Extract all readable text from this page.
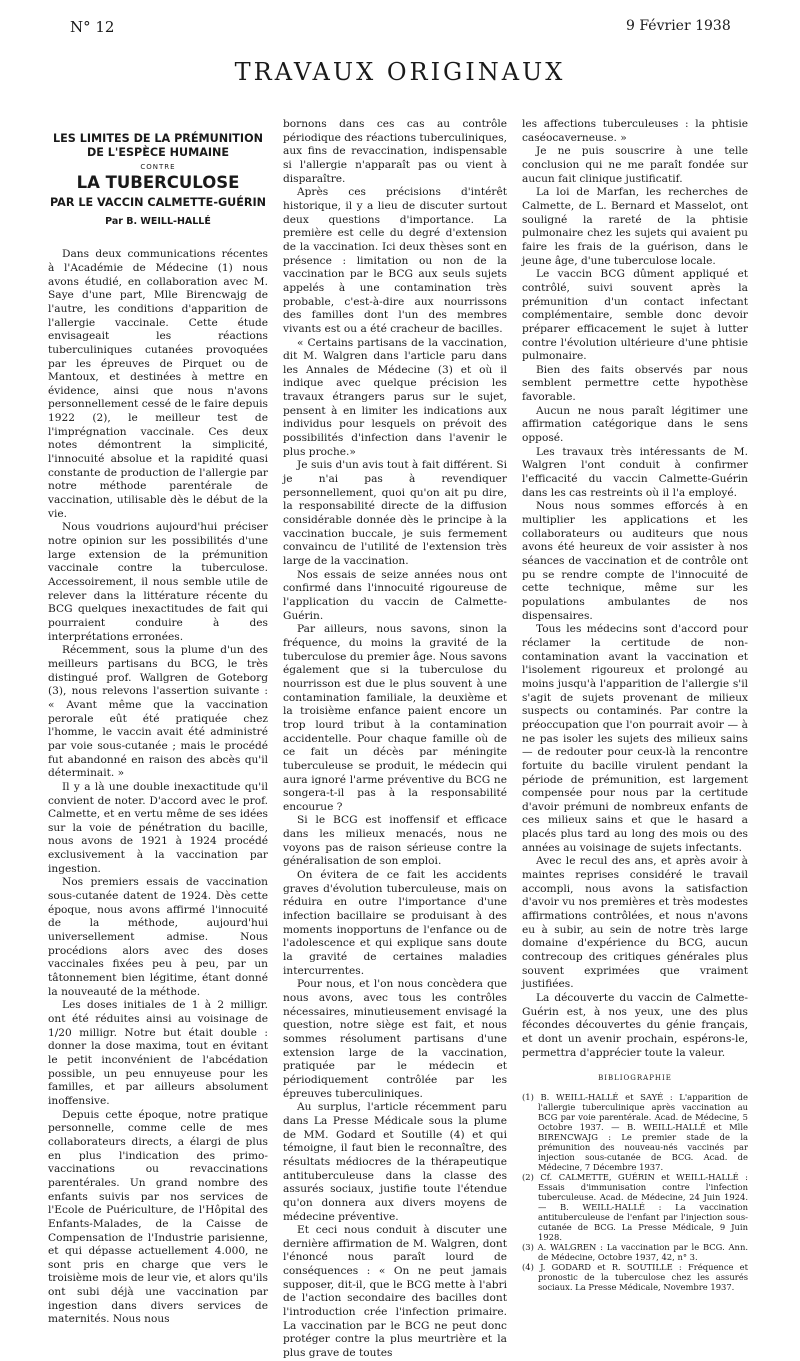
N° 12	9 Février 1938
TRAVAUX ORIGINAUX
LES LIMITES DE LA PRÉMUNITION
DE L'ESPÈCE HUMAINE
CONTRE
LA TUBERCULOSE
PAR LE VACCIN CALMETTE-GUÉRIN
Par B. WEILL-HALLÉ

Dans deux communications récentes à l'Académie de Médecine (1) nous avons étudié, en collaboration avec M. Saye d'une part, Mlle Birencwajg de l'autre, les conditions d'apparition de l'allergie vaccinale. Cette étude envisageait les réactions tuberculiniques cutanées provoquées par les épreuves de Pirquet ou de Mantoux, et destinées à mettre en évidence, ainsi que nous n'avons personnellement cessé de le faire depuis 1922 (2), le meilleur test de l'imprégnation vaccinale. Ces deux notes démontrent la simplicité, l'innocuité absolue et la rapidité quasi constante de production de l'allergie par notre méthode parentérale de vaccination, utilisable dès le début de la vie.

Nous voudrions aujourd'hui préciser notre opinion sur les possibilités d'une large extension de la prémunition vaccinale contre la tuberculose. Accessoirement, il nous semble utile de relever dans la littérature récente du BCG quelques inexactitudes de fait qui pourraient conduire à des interprétations erronées.

Récemment, sous la plume d'un des meilleurs partisans du BCG, le très distingué prof. Wallgren de Goteborg (3), nous relevons l'assertion suivante : « Avant même que la vaccination perorale eût été pratiquée chez l'homme, le vaccin avait été administré par voie sous-cutanée ; mais le procédé fut abandonné en raison des abcès qu'il déterminait. »

Il y a là une double inexactitude qu'il convient de noter. D'accord avec le prof. Calmette, et en vertu même de ses idées sur la voie de pénétration du bacille, nous avons de 1921 à 1924 procédé exclusivement à la vaccination par ingestion.

Nos premiers essais de vaccination sous-cutanée datent de 1924. Dès cette époque, nous avons affirmé l'innocuité de la méthode, aujourd'hui universellement admise. Nous procédions alors avec des doses vaccinales fixées peu à peu, par un tâtonnement bien légitime, étant donné la nouveauté de la méthode.

Les doses initiales de 1 à 2 milligr. ont été réduites ainsi au voisinage de 1/20 milligr. Notre but était double : donner la dose maxima, tout en évitant le petit inconvénient de l'abcédation possible, un peu ennuyeuse pour les familles, et par ailleurs absolument inoffensive.

Depuis cette époque, notre pratique personnelle, comme celle de mes collaborateurs directs, a élargi de plus en plus l'indication des primo-vaccinations ou revaccinations parentérales. Un grand nombre des enfants suivis par nos services de l'Ecole de Puériculture, de l'Hôpital des Enfants-Malades, de la Caisse de Compensation de l'Industrie parisienne, et qui dépasse actuellement 4.000, ne sont pris en charge que vers le troisième mois de leur vie, et alors qu'ils ont subi déjà une vaccination par ingestion dans divers services de maternités. Nous nous

bornons dans ces cas au contrôle périodique des réactions tuberculiniques, aux fins de revaccination, indispensable si l'allergie n'apparaît pas ou vient à disparaître.

Après ces précisions d'intérêt historique, il y a lieu de discuter surtout deux questions d'importance. La première est celle du degré d'extension de la vaccination. Ici deux thèses sont en présence : limitation ou non de la vaccination par le BCG aux seuls sujets appelés à une contamination très probable, c'est-à-dire aux nourrissons des familles dont l'un des membres vivants est ou a été cracheur de bacilles.

« Certains partisans de la vaccination, dit M. Walgren dans l'article paru dans les Annales de Médecine (3) et où il indique avec quelque précision les travaux étrangers parus sur le sujet, pensent à en limiter les indications aux individus pour lesquels on prévoit des possibilités d'infection dans l'avenir le plus proche.»

Je suis d'un avis tout à fait différent. Si je n'ai pas à revendiquer personnellement, quoi qu'on ait pu dire, la responsabilité directe de la diffusion considérable donnée dès le principe à la vaccination buccale, je suis fermement convaincu de l'utilité de l'extension très large de la vaccination.

Nos essais de seize années nous ont confirmé dans l'innocuité rigoureuse de l'application du vaccin de Calmette-Guérin.

Par ailleurs, nous savons, sinon la fréquence, du moins la gravité de la tuberculose du premier âge. Nous savons également que si la tuberculose du nourrisson est due le plus souvent à une contamination familiale, la deuxième et la troisième enfance paient encore un trop lourd tribut à la contamination accidentelle. Pour chaque famille où de ce fait un décès par méningite tuberculeuse se produit, le médecin qui aura ignoré l'arme préventive du BCG ne songera-t-il pas à la responsabilité encourue ?

Si le BCG est inoffensif et efficace dans les milieux menacés, nous ne voyons pas de raison sérieuse contre la généralisation de son emploi.

On évitera de ce fait les accidents graves d'évolution tuberculeuse, mais on réduira en outre l'importance d'une infection bacillaire se produisant à des moments inopportuns de l'enfance ou de l'adolescence et qui explique sans doute la gravité de certaines maladies intercurrentes.

Pour nous, et l'on nous concèdera que nous avons, avec tous les contrôles nécessaires, minutieusement envisagé la question, notre siège est fait, et nous sommes résolument partisans d'une extension large de la vaccination, pratiquée par le médecin et périodiquement contrôlée par les épreuves tuberculiniques.

Au surplus, l'article récemment paru dans La Presse Médicale sous la plume de MM. Godard et Soutille (4) et qui témoigne, il faut bien le reconnaître, des résultats médiocres de la thérapeutique antituberculeuse dans la classe des assurés sociaux, justifie toute l'étendue qu'on donnera aux divers moyens de médecine préventive.

Et ceci nous conduit à discuter une dernière affirmation de M. Walgren, dont l'énoncé nous paraît lourd de conséquences : « On ne peut jamais supposer, dit-il, que le BCG mette à l'abri de l'action secondaire des bacilles dont l'introduction crée l'infection primaire. La vaccination par le BCG ne peut donc protéger contre la plus meurtrière et la plus grave de toutes

les affections tuberculeuses : la phtisie caséocaverneuse. »

Je ne puis souscrire à une telle conclusion qui ne me paraît fondée sur aucun fait clinique justificatif.

La loi de Marfan, les recherches de Calmette, de L. Bernard et Masselot, ont souligné la rareté de la phtisie pulmonaire chez les sujets qui avaient pu faire les frais de la guérison, dans le jeune âge, d'une tuberculose locale.

Le vaccin BCG dûment appliqué et contrôlé, suivi souvent après la prémunition d'un contact infectant complémentaire, semble donc devoir préparer efficacement le sujet à lutter contre l'évolution ultérieure d'une phtisie pulmonaire.

Bien des faits observés par nous semblent permettre cette hypothèse favorable.

Aucun ne nous paraît légitimer une affirmation catégorique dans le sens opposé.

Les travaux très intéressants de M. Walgren l'ont conduit à confirmer l'efficacité du vaccin Calmette-Guérin dans les cas restreints où il l'a employé.

Nous nous sommes efforcés à en multiplier les applications et les collaborateurs ou auditeurs que nous avons été heureux de voir assister à nos séances de vaccination et de contrôle ont pu se rendre compte de l'innocuité de cette technique, même sur les populations ambulantes de nos dispensaires.

Tous les médecins sont d'accord pour réclamer la certitude de non-contamination avant la vaccination et l'isolement rigoureux et prolongé au moins jusqu'à l'apparition de l'allergie s'il s'agit de sujets provenant de milieux suspects ou contaminés. Par contre la préoccupation que l'on pourrait avoir — à ne pas isoler les sujets des milieux sains — de redouter pour ceux-là la rencontre fortuite du bacille virulent pendant la période de prémunition, est largement compensée pour nous par la certitude d'avoir prémuni de nombreux enfants de ces milieux sains et que le hasard a placés plus tard au long des mois ou des années au voisinage de sujets infectants.

Avec le recul des ans, et après avoir à maintes reprises considéré le travail accompli, nous avons la satisfaction d'avoir vu nos premières et très modestes affirmations contrôlées, et nous n'avons eu à subir, au sein de notre très large domaine d'expérience du BCG, aucun contrecoup des critiques générales plus souvent exprimées que vraiment justifiées.

La découverte du vaccin de Calmette-Guérin est, à nos yeux, une des plus fécondes découvertes du génie français, et dont un avenir prochain, espérons-le, permettra d'apprécier toute la valeur.

BIBLIOGRAPHIE

(1) B. WEILL-HALLÉ et SAYÉ : L'apparition de l'allergie tuberculinique après vaccination au BCG par voie parentérale. Acad. de Médecine, 5 Octobre 1937. — B. WEILL-HALLÉ et Mlle BIRENCWAJG : Le premier stade de la prémunition des nouveau-nés vaccinés par injection sous-cutanée de BCG. Acad. de Médecine, 7 Décembre 1937.

(2) Cf. CALMETTE, GUÉRIN et WEILL-HALLÉ : Essais d'immunisation contre l'infection tuberculeuse. Acad. de Médecine, 24 Juin 1924. — B. WEILL-HALLÉ : La vaccination antituberculeuse de l'enfant par l'injection sous-cutanée de BCG. La Presse Médicale, 9 Juin 1928.

(3) A. WALGREN : La vaccination par le BCG. Ann. de Médecine, Octobre 1937, 42, n° 3.

(4) J. GODARD et R. SOUTILLE : Fréquence et pronostic de la tuberculose chez les assurés sociaux. La Presse Médicale, Novembre 1937.
